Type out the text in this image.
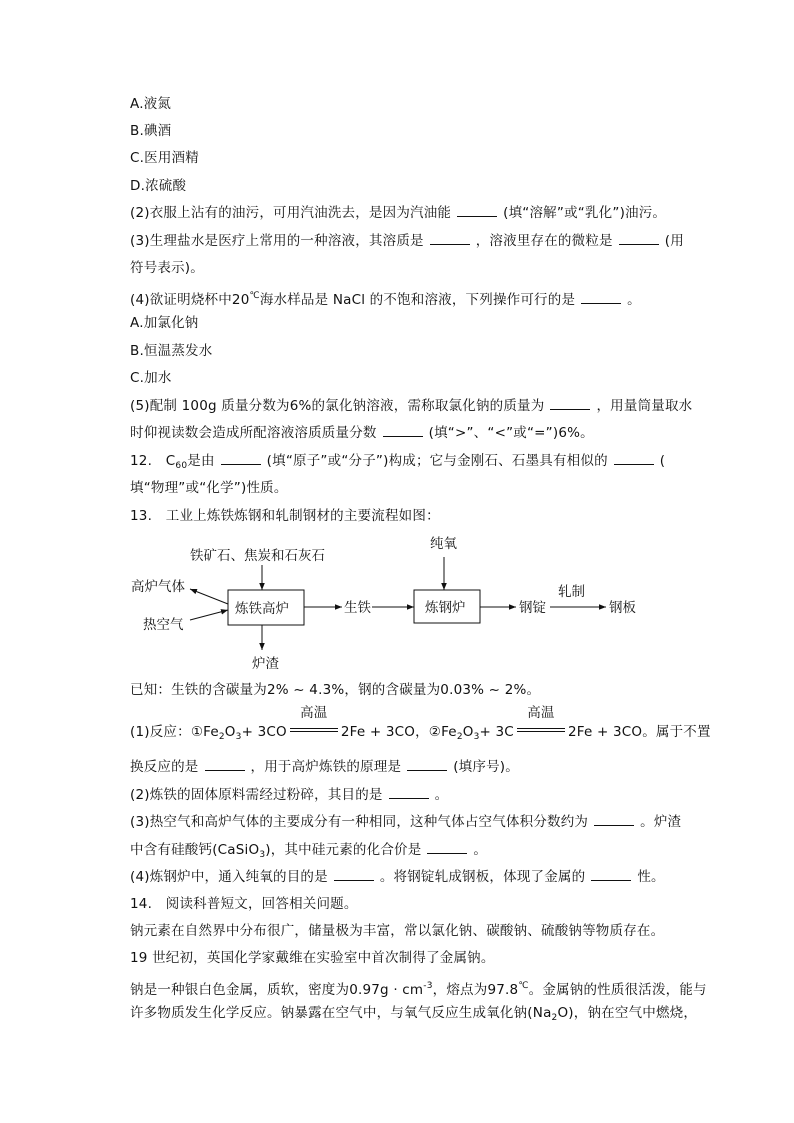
A.液氮
B.碘酒
C.医用酒精
D.浓硫酸
(2)衣服上沾有的油污，可用汽油洗去，是因为汽油能	(填“溶解”或“乳化”)油污。
(3)生理盐水是医疗上常用的一种溶液，其溶质是	，溶液里存在的微粒是	(用
符号表示)。
(4)欲证明烧杯中20℃海水样品是 NaCl 的不饱和溶液，下列操作可行的是	。
A.加氯化钠
B.恒温蒸发水
C.加水
(5)配制 100g 质量分数为6%的氯化钠溶液，需称取氯化钠的质量为	，用量筒量取水
时仰视读数会造成所配溶液溶质质量分数	(填“>”、“<”或“=”)6%。
12.　$C_{60}$是由	(填“原子”或“分子”)构成；它与金刚石、石墨具有相似的	(
填“物理”或“化学”)性质。
13.　工业上炼铁炼钢和轧制钢材的主要流程如图：
铁矿石、焦炭和石灰石
炼铁高炉
高炉气体
热空气
炉渣
生铁
纯氧
炼钢炉	钢锭
轧制
钢板
已知：生铁的含碳量为2% ~ 4.3%，钢的含碳量为0.03% ~ 2%。
(1)反应：$①Fe_2O_3+ 3CO$
高温
2Fe + 3CO，$②Fe_2O_3+ 3C$
高温
2Fe + 3CO。属于不置
换反应的是	，用于高炉炼铁的原理是	(填序号)。
(2)炼铁的固体原料需经过粉碎，其目的是	。
(3)热空气和高炉气体的主要成分有一种相同，这种气体占空气体积分数约为	。炉渣
中含有硅酸钙(CaSiO$_3$)，其中硅元素的化合价是	。
(4)炼钢炉中，通入纯氧的目的是	。将钢锭轧成钢板，体现了金属的	性。
14.　阅读科普短文，回答相关问题。
钠元素在自然界中分布很广，储量极为丰富，常以氯化钠、碳酸钠、硫酸钠等物质存在。
19 世纪初，英国化学家戴维在实验室中首次制得了金属钠。
钠是一种银白色金属，质软，密度为$0.97g \cdot cm^{-3}$，熔点为97.8℃。金属钠的性质很活泼，能与
许多物质发生化学反应。钠暴露在空气中，与氧气反应生成氧化钠$(Na_2O)$，钠在空气中燃烧，
